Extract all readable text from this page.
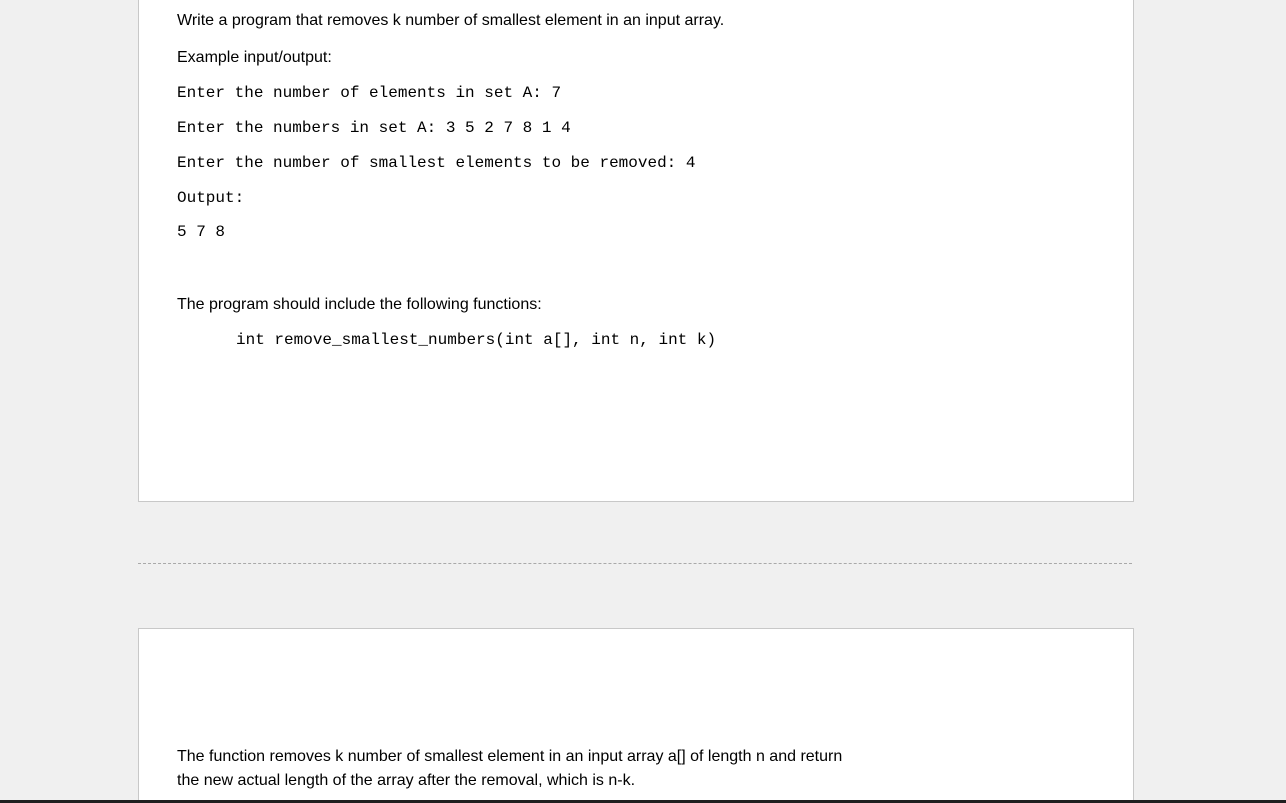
Write a program that removes k number of smallest element in an input array.
Example input/output:
Enter the number of elements in set A: 7
Enter the numbers in set A: 3 5 2 7 8 1 4
Enter the number of smallest elements to be removed: 4
Output:
5 7 8
The program should include the following functions:
int remove_smallest_numbers(int a[], int n, int k)
The function removes k number of smallest element in an input array a[] of length n and return
the new actual length of the array after the removal, which is n-k.
